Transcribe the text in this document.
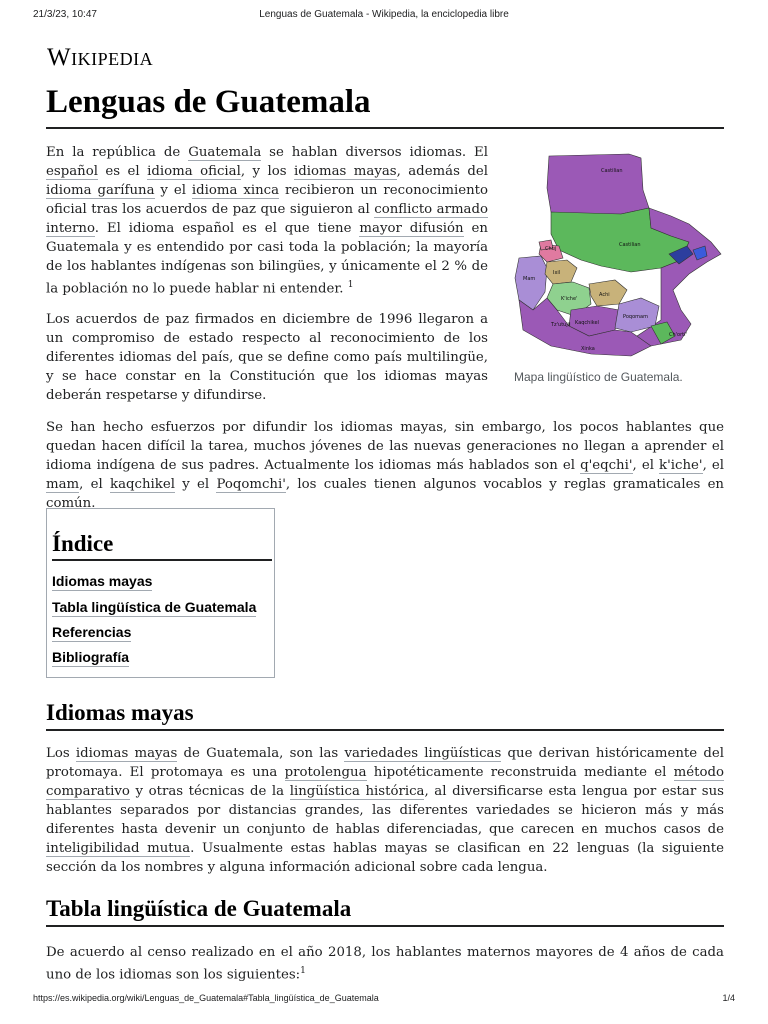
21/3/23, 10:47	Lenguas de Guatemala - Wikipedia, la enciclopedia libre
Wikipedia
Lenguas de Guatemala

En la república de Guatemala se hablan diversos idiomas. El español es el idioma oficial, y los idiomas mayas, además del idioma garífuna y el idioma xinca recibieron un reconocimiento oficial tras los acuerdos de paz que siguieron al conflicto armado interno. El idioma español es el que tiene mayor difusión en Guatemala y es entendido por casi toda la población; la mayoría de los hablantes indígenas son bilingües, y únicamente el 2 % de la población no lo puede hablar ni entender. $^1$

Los acuerdos de paz firmados en diciembre de 1996 llegaron a un compromiso de estado respecto al reconocimiento de los diferentes idiomas del país, que se define como país multilingüe, y se hace constar en la Constitución que los idiomas mayas deberán respetarse y difundirse.

Castilian
Ch'orti'
Chuj
Ixil
Mam
K'iche'
Achi
Kaqchikel
Tz'utujil
Poqomam
Xinka
Castilian
Mapa lingüístico de Guatemala.

Se han hecho esfuerzos por difundir los idiomas mayas, sin embargo, los pocos hablantes que quedan hacen difícil la tarea, muchos jóvenes de las nuevas generaciones no llegan a aprender el idioma indígena de sus padres. Actualmente los idiomas más hablados son el q'eqchi', el k'iche', el mam, el kaqchikel y el Poqomchi', los cuales tienen algunos vocablos y reglas gramaticales en común.

Índice
Idiomas mayas
Tabla lingüística de Guatemala
Referencias
Bibliografía
Idiomas mayas

Los idiomas mayas de Guatemala, son las variedades lingüísticas que derivan históricamente del protomaya. El protomaya es una protolengua hipotéticamente reconstruida mediante el método comparativo y otras técnicas de la lingüística histórica, al diversificarse esta lengua por estar sus hablantes separados por distancias grandes, las diferentes variedades se hicieron más y más diferentes hasta devenir un conjunto de hablas diferenciadas, que carecen en muchos casos de inteligibilidad mutua. Usualmente estas hablas mayas se clasifican en 22 lenguas (la siguiente sección da los nombres y alguna información adicional sobre cada lengua.

Tabla lingüística de Guatemala

De acuerdo al censo realizado en el año 2018, los hablantes maternos mayores de 4 años de cada uno de los idiomas son los siguientes:$^1$

https://es.wikipedia.org/wiki/Lenguas_de_Guatemala#Tabla_lingüística_de_Guatemala	1/4
